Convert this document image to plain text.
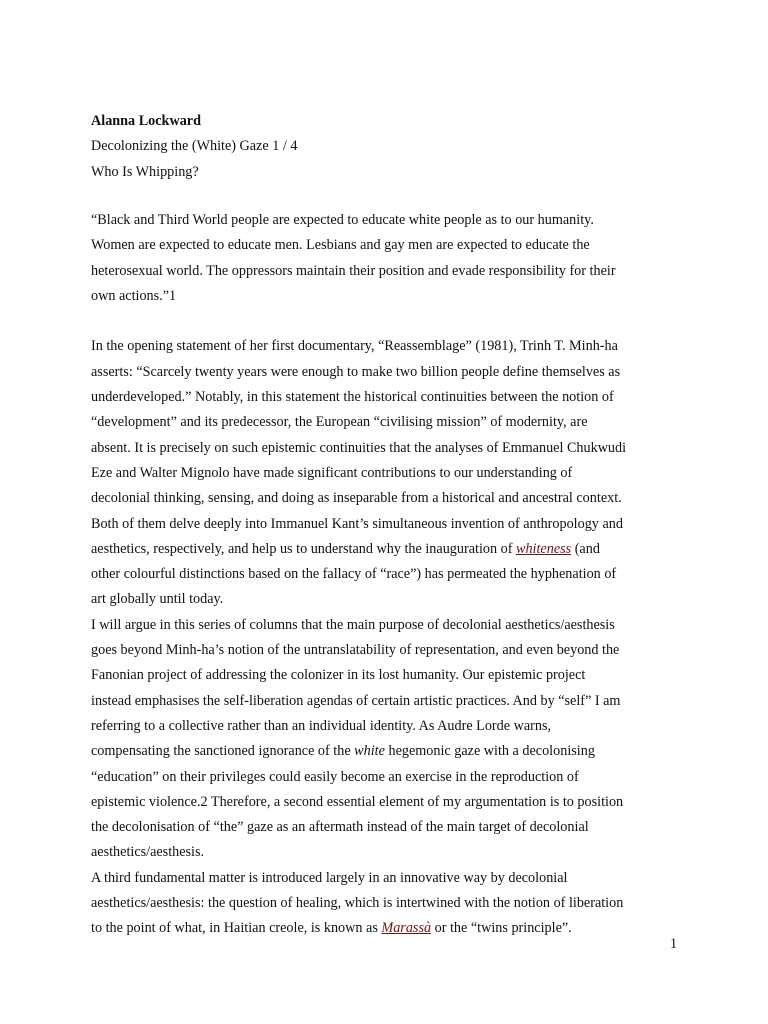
Alanna Lockward
Decolonizing the (White) Gaze 1 / 4
Who Is Whipping?
“Black and Third World people are expected to educate white people as to our humanity.
Women are expected to educate men. Lesbians and gay men are expected to educate the
heterosexual world. The oppressors maintain their position and evade responsibility for their
own actions.”1
In the opening statement of her first documentary, “Reassemblage” (1981), Trinh T. Minh-ha
asserts: “Scarcely twenty years were enough to make two billion people define themselves as
underdeveloped.” Notably, in this statement the historical continuities between the notion of
“development” and its predecessor, the European “civilising mission” of modernity, are
absent. It is precisely on such epistemic continuities that the analyses of Emmanuel Chukwudi
Eze and Walter Mignolo have made significant contributions to our understanding of
decolonial thinking, sensing, and doing as inseparable from a historical and ancestral context.
Both of them delve deeply into Immanuel Kant’s simultaneous invention of anthropology and
aesthetics, respectively, and help us to understand why the inauguration of whiteness (and
other colourful distinctions based on the fallacy of “race”) has permeated the hyphenation of
art globally until today.
I will argue in this series of columns that the main purpose of decolonial aesthetics/aesthesis
goes beyond Minh-ha’s notion of the untranslatability of representation, and even beyond the
Fanonian project of addressing the colonizer in its lost humanity. Our epistemic project
instead emphasises the self-liberation agendas of certain artistic practices. And by “self” I am
referring to a collective rather than an individual identity. As Audre Lorde warns,
compensating the sanctioned ignorance of the white hegemonic gaze with a decolonising
“education” on their privileges could easily become an exercise in the reproduction of
epistemic violence.2 Therefore, a second essential element of my argumentation is to position
the decolonisation of “the” gaze as an aftermath instead of the main target of decolonial
aesthetics/aesthesis.
A third fundamental matter is introduced largely in an innovative way by decolonial
aesthetics/aesthesis: the question of healing, which is intertwined with the notion of liberation
to the point of what, in Haitian creole, is known as Marassà or the “twins principle”.
1
